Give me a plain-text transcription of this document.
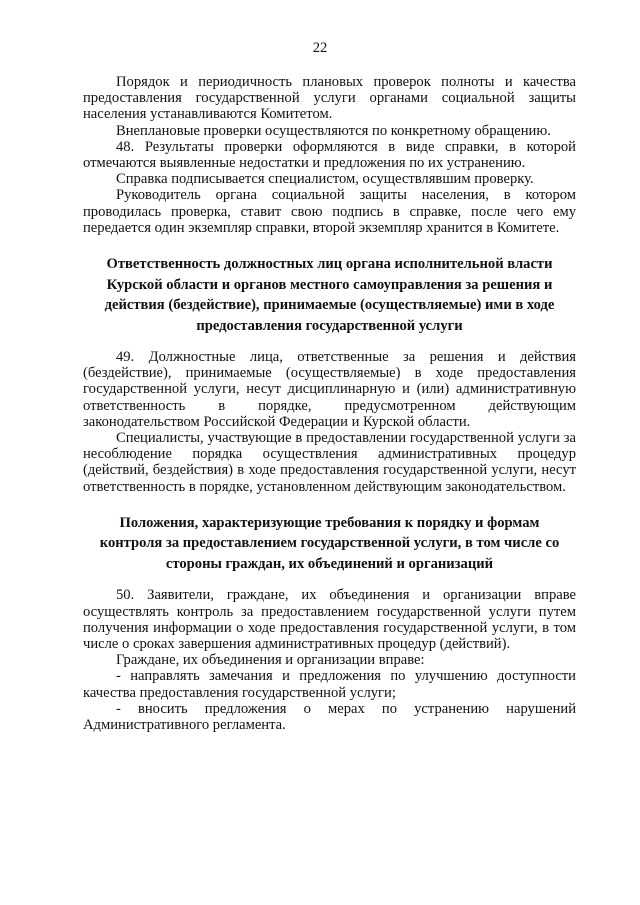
22

Порядок и периодичность плановых проверок полноты и качества предоставления государственной услуги органами социальной защиты населения устанавливаются Комитетом.

Внеплановые проверки осуществляются по конкретному обращению.

48. Результаты проверки оформляются в виде справки, в которой отмечаются выявленные недостатки и предложения по их устранению.

Справка подписывается специалистом, осуществлявшим проверку.

Руководитель органа социальной защиты населения, в котором проводилась проверка, ставит свою подпись в справке, после чего ему передается один экземпляр справки, второй экземпляр хранится в Комитете.

Ответственность должностных лиц органа исполнительной власти Курской области и органов местного самоуправления за решения и действия (бездействие), принимаемые (осуществляемые) ими в ходе предоставления государственной услуги

49. Должностные лица, ответственные за решения и действия (бездействие), принимаемые (осуществляемые) в ходе предоставления государственной услуги, несут дисциплинарную и (или) административную ответственность в порядке, предусмотренном действующим законодательством Российской Федерации и Курской области.

Специалисты, участвующие в предоставлении государственной услуги за несоблюдение порядка осуществления административных процедур (действий, бездействия) в ходе предоставления государственной услуги, несут ответственность в порядке, установленном действующим законодательством.

Положения, характеризующие требования к порядку и формам контроля за предоставлением государственной услуги, в том числе со стороны граждан, их объединений и организаций

50. Заявители, граждане, их объединения и организации вправе осуществлять контроль за предоставлением государственной услуги путем получения информации о ходе предоставления государственной услуги, в том числе о сроках завершения административных процедур (действий).

Граждане, их объединения и организации вправе:

- направлять замечания и предложения по улучшению доступности качества предоставления государственной услуги;

- вносить предложения о мерах по устранению нарушений Административного регламента.
